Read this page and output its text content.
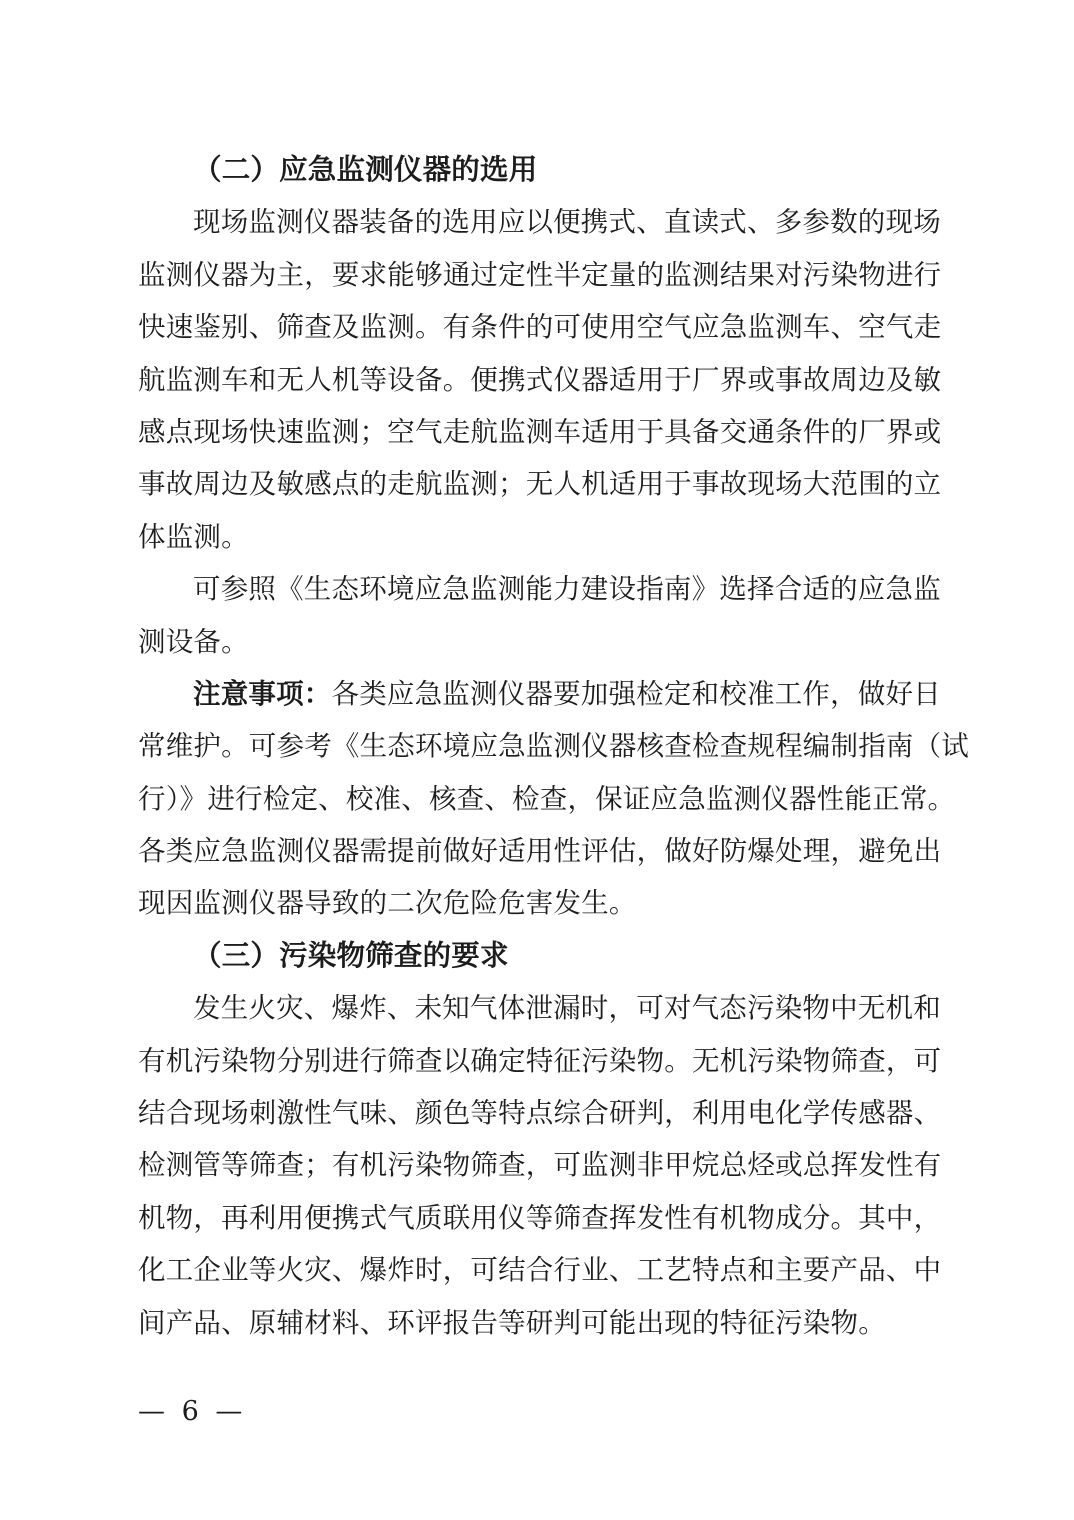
（二）应急监测仪器的选用
现场监测仪器装备的选用应以便携式、直读式、多参数的现场
监测仪器为主，要求能够通过定性半定量的监测结果对污染物进行
快速鉴别、筛查及监测。有条件的可使用空气应急监测车、空气走
航监测车和无人机等设备。便携式仪器适用于厂界或事故周边及敏
感点现场快速监测；空气走航监测车适用于具备交通条件的厂界或
事故周边及敏感点的走航监测；无人机适用于事故现场大范围的立
体监测。
可参照《生态环境应急监测能力建设指南》选择合适的应急监
测设备。
注意事项：各类应急监测仪器要加强检定和校准工作，做好日
常维护。可参考《生态环境应急监测仪器核查检查规程编制指南（试
行）》进行检定、校准、核查、检查，保证应急监测仪器性能正常。
各类应急监测仪器需提前做好适用性评估，做好防爆处理，避免出
现因监测仪器导致的二次危险危害发生。
（三）污染物筛查的要求
发生火灾、爆炸、未知气体泄漏时，可对气态污染物中无机和
有机污染物分别进行筛查以确定特征污染物。无机污染物筛查，可
结合现场刺激性气味、颜色等特点综合研判，利用电化学传感器、
检测管等筛查；有机污染物筛查，可监测非甲烷总烃或总挥发性有
机物，再利用便携式气质联用仪等筛查挥发性有机物成分。其中，
化工企业等火灾、爆炸时，可结合行业、工艺特点和主要产品、中
间产品、原辅材料、环评报告等研判可能出现的特征污染物。
— 6 —
